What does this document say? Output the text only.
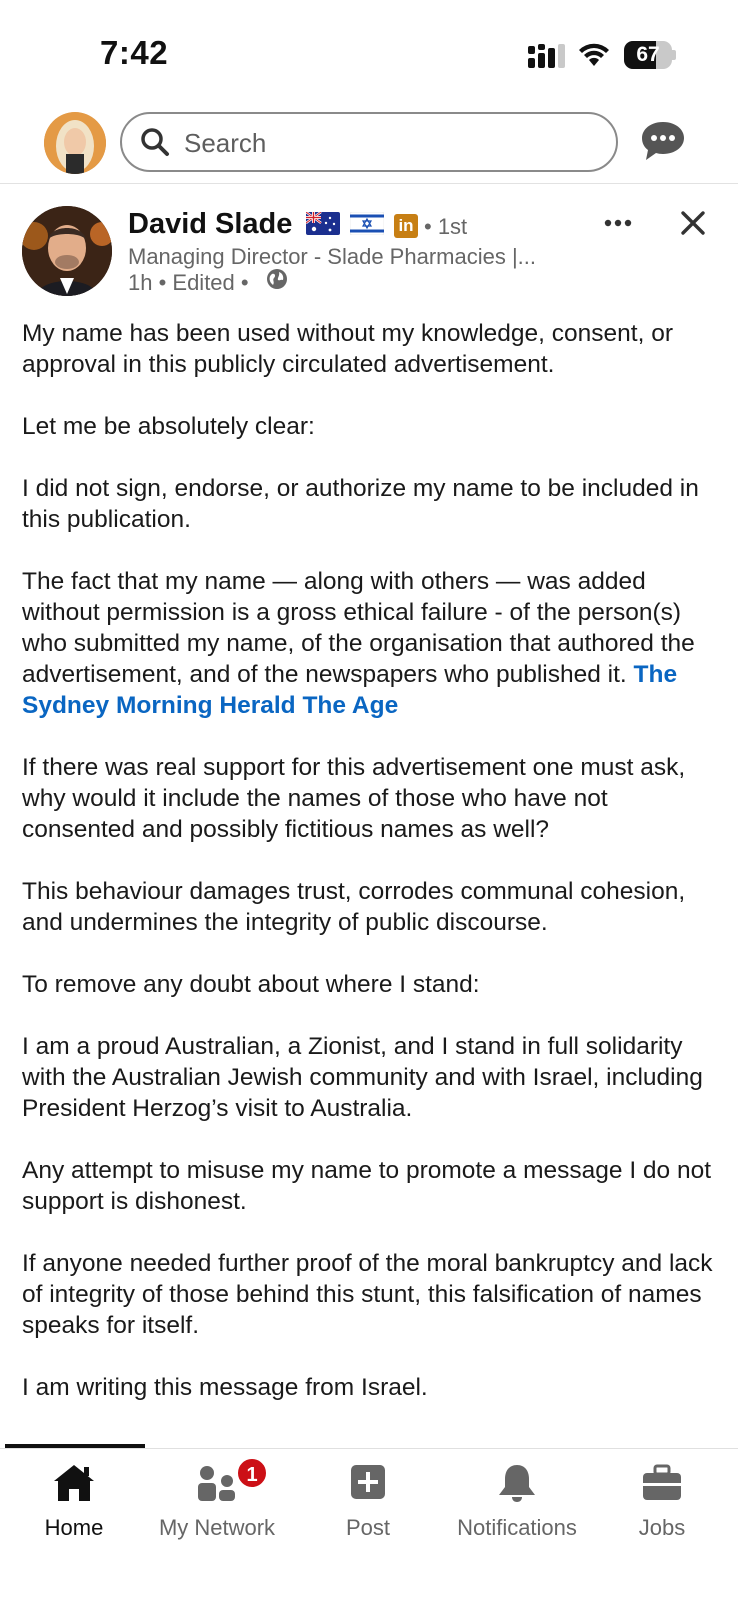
7:42	67
Search
David Slade	in • 1st
Managing Director - Slade Pharmacies |...
1h • Edited •

My name has been used without my knowledge, consent, or approval in this publicly circulated advertisement.

Let me be absolutely clear:

I did not sign, endorse, or authorize my name to be included in this publication.

The fact that my name — along with others — was added without permission is a gross ethical failure - of the person(s) who submitted my name, of the organisation that authored the advertisement, and of the newspapers who published it. The Sydney Morning Herald The Age

If there was real support for this advertisement one must ask, why would it include the names of those who have not consented and possibly fictitious names as well?

This behaviour damages trust, corrodes communal cohesion, and undermines the integrity of public discourse.

To remove any doubt about where I stand:

I am a proud Australian, a Zionist, and I stand in full solidarity with the Australian Jewish community and with Israel, including President Herzog’s visit to Australia.

Any attempt to misuse my name to promote a message I do not support is dishonest.

If anyone needed further proof of the moral bankruptcy and lack of integrity of those behind this stunt, this falsification of names speaks for itself.

I am writing this message from Israel.

Home	My Network
1
Post	Notifications	Jobs
